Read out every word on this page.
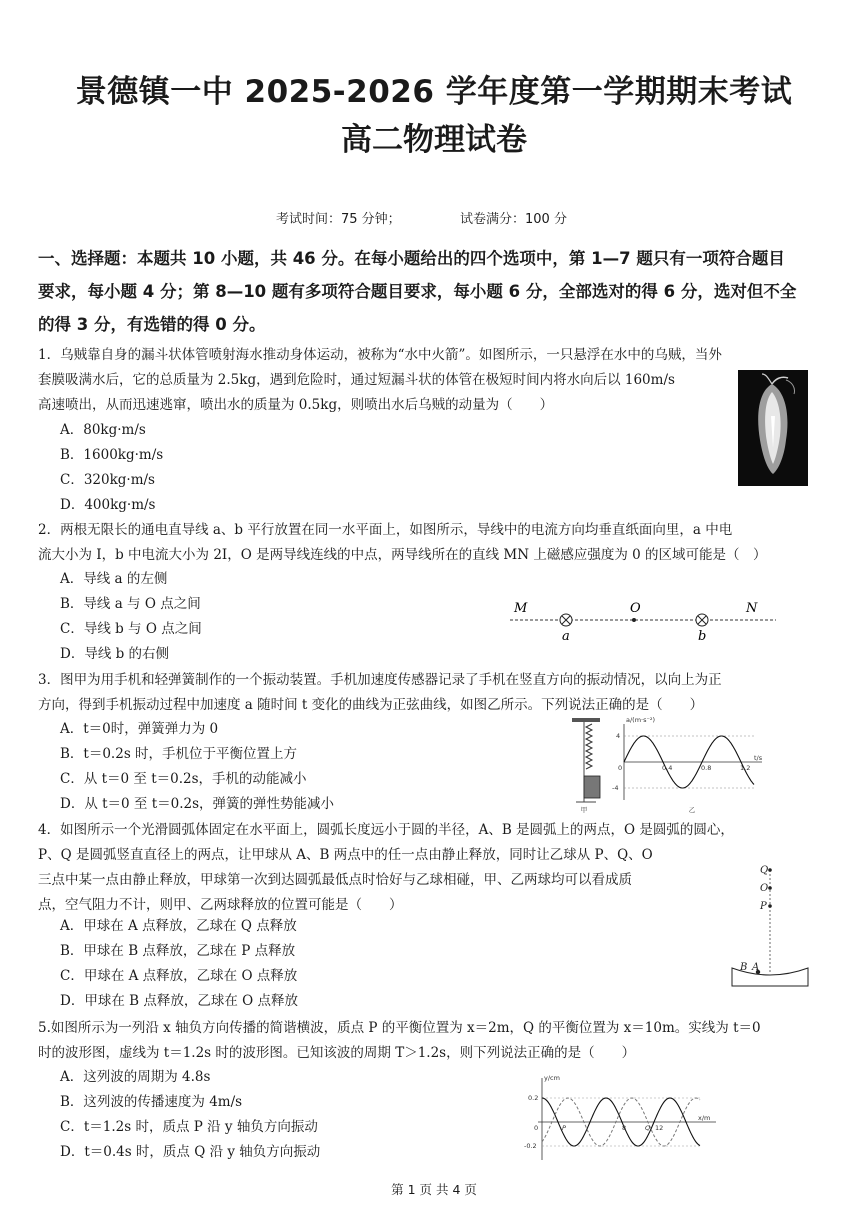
景德镇一中 2025-2026 学年度第一学期期末考试
高二物理试卷
考试时间：75 分钟；	试卷满分：100 分
一、选择题：本题共 10 小题，共 46 分。在每小题给出的四个选项中，第 1—7 题只有一项符合题目
要求，每小题 4 分；第 8—10 题有多项符合题目要求，每小题 6 分，全部选对的得 6 分，选对但不全
的得 3 分，有选错的得 0 分。

1．乌贼靠自身的漏斗状体管喷射海水推动身体运动，被称为“水中火箭”。如图所示，一只悬浮在水中的乌贼，当外

套膜吸满水后，它的总质量为 2.5kg，遇到危险时，通过短漏斗状的体管在极短时间内将水向后以 160m/s

高速喷出，从而迅速逃窜，喷出水的质量为 0.5kg，则喷出水后乌贼的动量为（　　）

A．80kg·m/s
B．1600kg·m/s
C．320kg·m/s
D．400kg·m/s

2．两根无限长的通电直导线 a、b 平行放置在同一水平面上，如图所示，导线中的电流方向均垂直纸面向里，a 中电

流大小为 I，b 中电流大小为 2I，O 是两导线连线的中点，两导线所在的直线 MN 上磁感应强度为 0 的区域可能是（　）

A．导线 a 的左侧
B．导线 a 与 O 点之间
C．导线 b 与 O 点之间
D．导线 b 的右侧
M	O	N
a	b

3．图甲为用手机和轻弹簧制作的一个振动装置。手机加速度传感器记录了手机在竖直方向的振动情况，以向上为正

方向，得到手机振动过程中加速度 a 随时间 t 变化的曲线为正弦曲线，如图乙所示。下列说法正确的是（　　）

A．t＝0时，弹簧弹力为 0
B．t＝0.2s 时，手机位于平衡位置上方
C．从 t＝0 至 t＝0.2s，手机的动能减小
D．从 t＝0 至 t＝0.2s，弹簧的弹性势能减小	甲
a/(m·s⁻²)
4
-4
0	0.4	0.8	1.2
t/s
乙

4．如图所示一个光滑圆弧体固定在水平面上，圆弧长度远小于圆的半径，A、B 是圆弧上的两点，O 是圆弧的圆心，

P、Q 是圆弧竖直直径上的两点，让甲球从 A、B 两点中的任一点由静止释放，同时让乙球从 P、Q、O

三点中某一点由静止释放，甲球第一次到达圆弧最低点时恰好与乙球相碰，甲、乙两球均可以看成质

点，空气阻力不计，则甲、乙两球释放的位置可能是（　　）

A．甲球在 A 点释放，乙球在 Q 点释放
B．甲球在 B 点释放，乙球在 P 点释放
C．甲球在 A 点释放，乙球在 O 点释放
D．甲球在 B 点释放，乙球在 O 点释放
Q
O
P
B A

5.如图所示为一列沿 x 轴负方向传播的简谐横波，质点 P 的平衡位置为 x＝2m，Q 的平衡位置为 x＝10m。实线为 t＝0

时的波形图，虚线为 t＝1.2s 时的波形图。已知该波的周期 T＞1.2s，则下列说法正确的是（　　）

A．这列波的周期为 4.8s
B．这列波的传播速度为 4m/s
C．t＝1.2s 时，质点 P 沿 y 轴负方向振动
D．t＝0.4s 时，质点 Q 沿 y 轴负方向振动
y/cm
0.2
-0.2
0	P	8	Q 12
x/m
第 1 页 共 4 页
